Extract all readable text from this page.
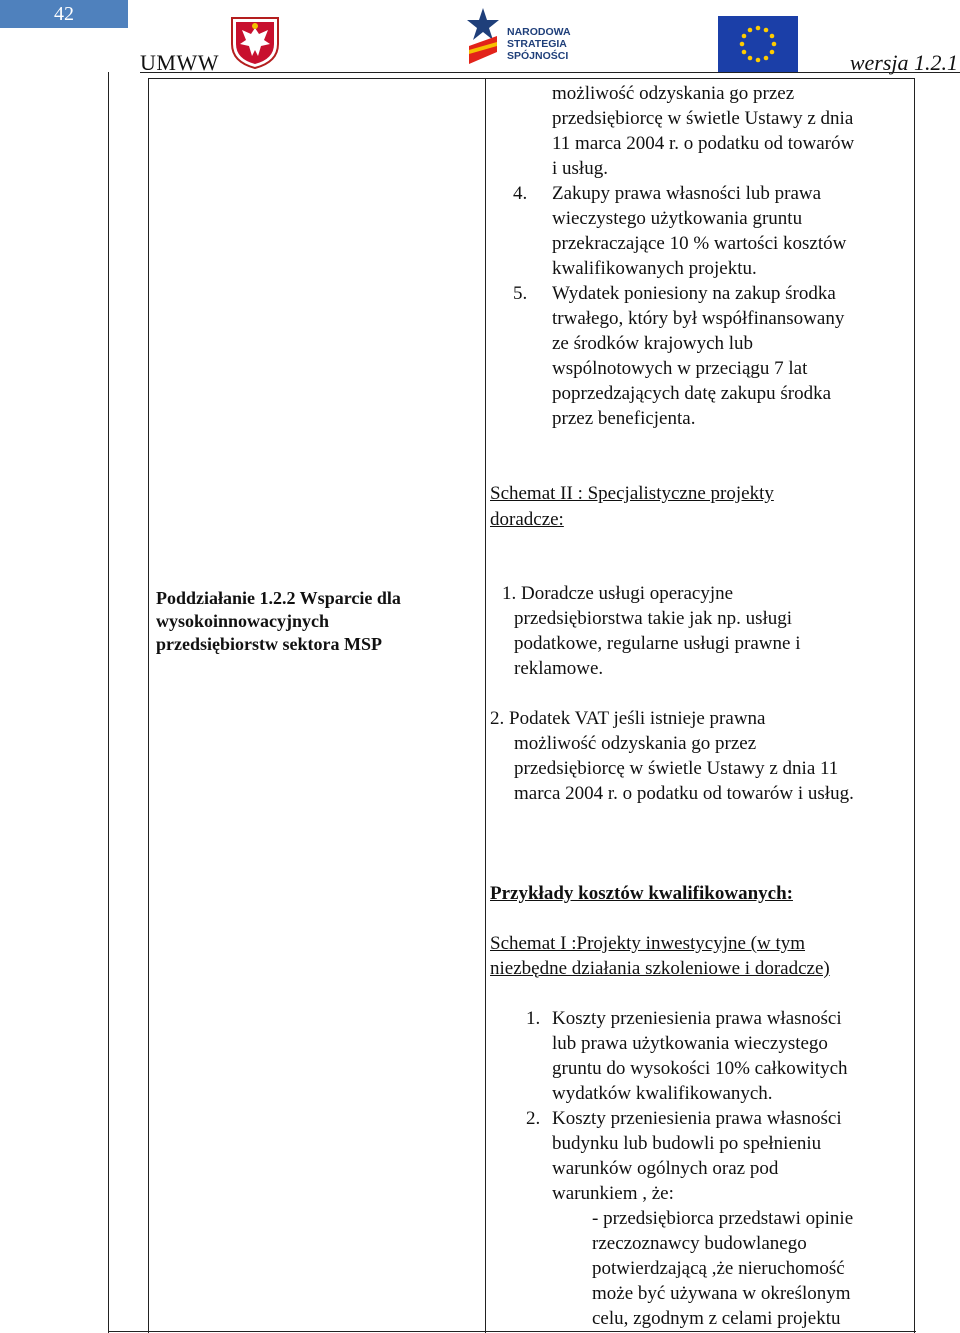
42
NARODOWA
STRATEGIA SPÓJNOŚCI
UMWW	wersja 1.2.1
możliwość odzyskania go przez
przedsiębiorcę w świetle Ustawy z dnia
11 marca 2004 r. o podatku od towarów
i usług.
4. Zakupy prawa własności lub prawa
wieczystego użytkowania gruntu
przekraczające 10 % wartości kosztów
kwalifikowanych projektu.
5. Wydatek poniesiony na zakup środka
trwałego, który był współfinansowany
ze środków krajowych lub
wspólnotowych w przeciągu 7 lat
poprzedzających datę zakupu środka
przez beneficjenta.
Schemat II : Specjalistyczne projekty
doradcze:
Poddziałanie 1.2.2 Wsparcie dla
wysokoinnowacyjnych
przedsiębiorstw sektora MSP
1. Doradcze usługi operacyjne
przedsiębiorstwa takie jak np. usługi
podatkowe, regularne usługi prawne i
reklamowe.
2. Podatek VAT jeśli istnieje prawna
możliwość odzyskania go przez
przedsiębiorcę w świetle Ustawy z dnia 11
marca 2004 r. o podatku od towarów i usług.
Przykłady kosztów kwalifikowanych:
Schemat I :Projekty inwestycyjne (w tym
niezbędne działania szkoleniowe i doradcze)
1. Koszty przeniesienia prawa własności
lub prawa użytkowania wieczystego
gruntu do wysokości 10% całkowitych
wydatków kwalifikowanych.
2. Koszty przeniesienia prawa własności
budynku lub budowli po spełnieniu
warunków ogólnych oraz pod
warunkiem , że:
- przedsiębiorca przedstawi opinie
rzeczoznawcy budowlanego
potwierdzającą ,że nieruchomość
może być używana w określonym
celu, zgodnym z celami projektu
